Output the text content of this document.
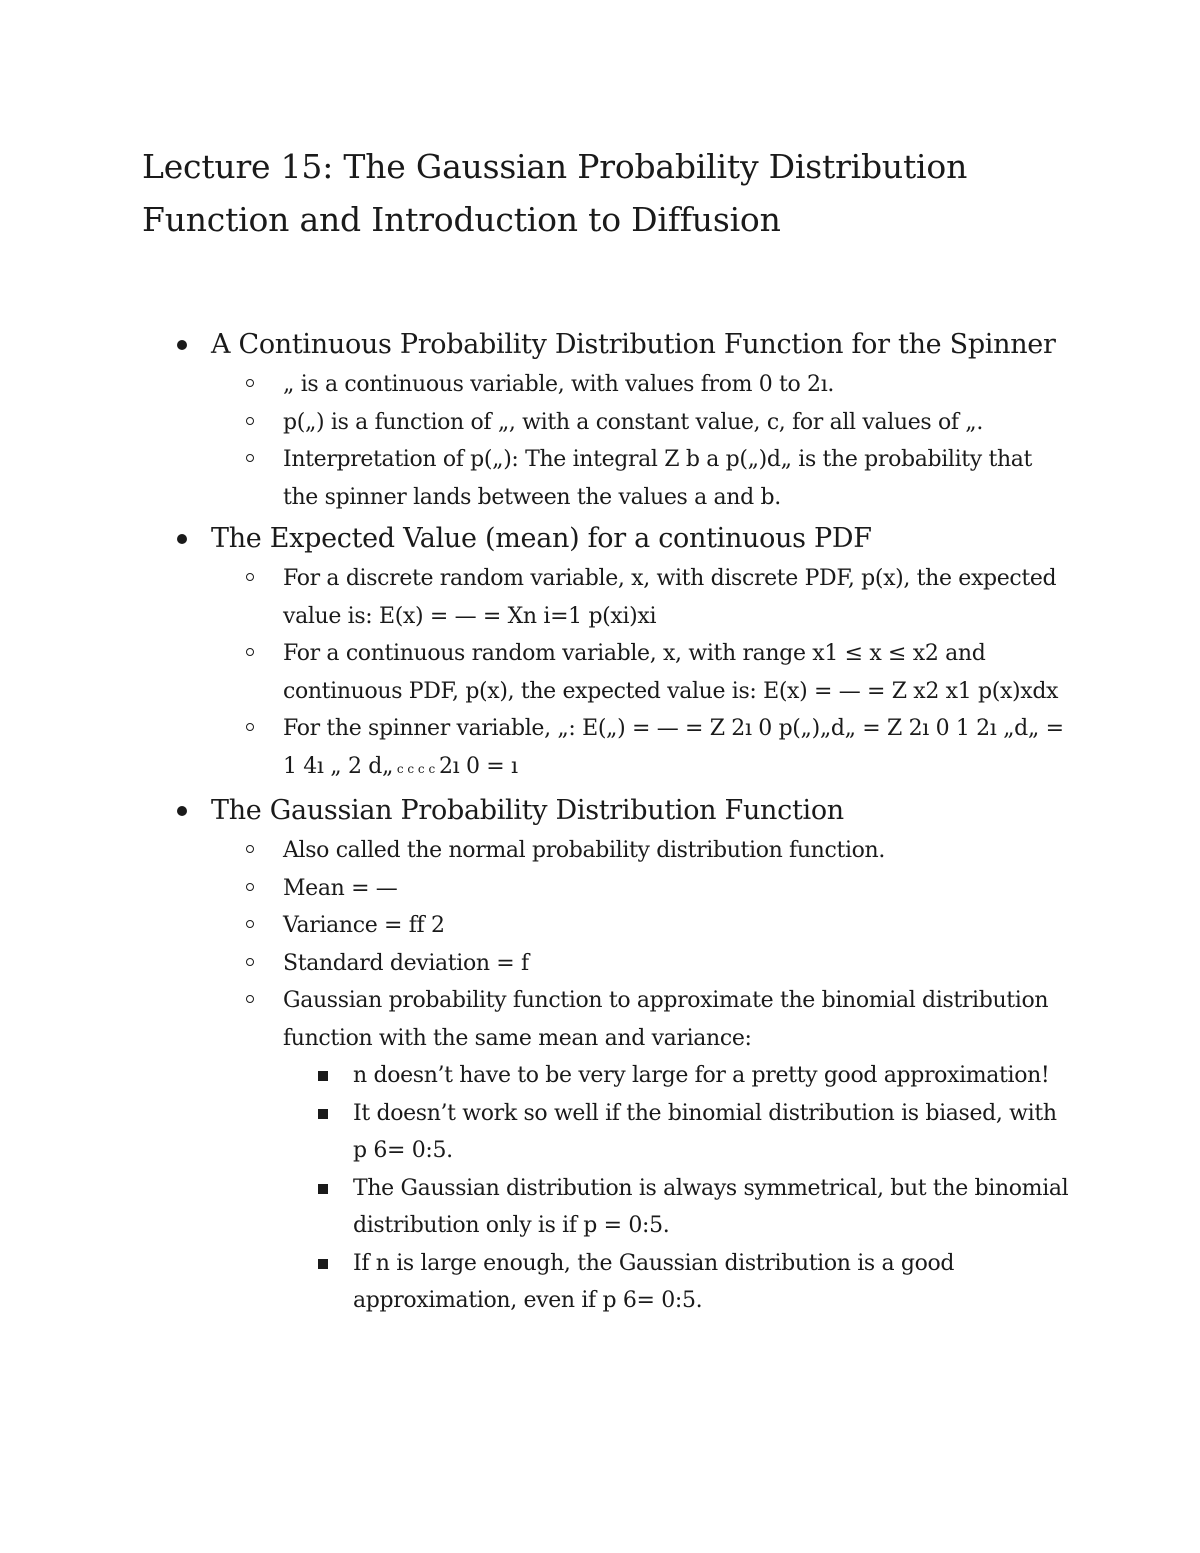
Lecture 15: The Gaussian Probability Distribution
Function and Introduction to Diffusion
A Continuous Probability Distribution Function for the Spinner
„ is a continuous variable, with values from 0 to 2ı.
p(„) is a function of „, with a constant value, c, for all values of „.
Interpretation of p(„): The integral Z b a p(„)d„ is the probability that the spinner lands between the values a and b.
The Expected Value (mean) for a continuous PDF
For a discrete random variable, x, with discrete PDF, p(x), the expected value is: E(x) = — = Xn i=1 p(xi)xi
For a continuous random variable, x, with range x1 ≤ x ≤ x2 and continuous PDF, p(x), the expected value is: E(x) = — = Z x2 x1 p(x)xdx
For the spinner variable, „: E(„) = — = Z 2ı 0 p(„)„d„ = Z 2ı 0 1 2ı „d„ = 1 4ı „ 2 d„ c c c c 2ı 0 = ı
The Gaussian Probability Distribution Function
Also called the normal probability distribution function.
Mean = —
Variance = ff 2
Standard deviation = f
Gaussian probability function to approximate the binomial distribution function with the same mean and variance:
n doesn’t have to be very large for a pretty good approximation!
It doesn’t work so well if the binomial distribution is biased, with p 6= 0:5.
The Gaussian distribution is always symmetrical, but the binomial distribution only is if p = 0:5.
If n is large enough, the Gaussian distribution is a good approximation, even if p 6= 0:5.
